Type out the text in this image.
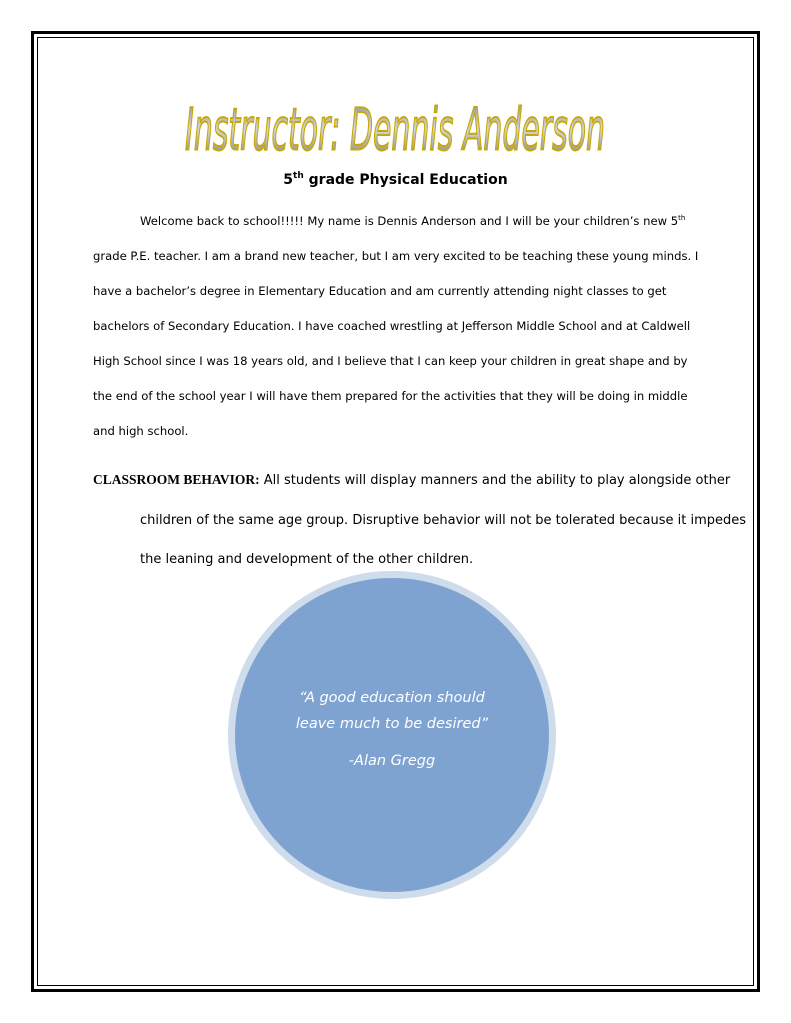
Instructor: Dennis Anderson
5th grade Physical Education

Welcome back to school!!!!! My name is Dennis Anderson and I will be your children’s new 5th grade P.E. teacher. I am a brand new teacher, but I am very excited to be teaching these young minds. I have a bachelor’s degree in Elementary Education and am currently attending night classes to get bachelors of Secondary Education. I have coached wrestling at Jefferson Middle School and at Caldwell High School since I was 18 years old, and I believe that I can keep your children in great shape and by the end of the school year I will have them prepared for the activities that they will be doing in middle and high school.

CLASSROOM BEHAVIOR: All students will display manners and the ability to play alongside other children of the same age group. Disruptive behavior will not be tolerated because it impedes the leaning and development of the other children.

“A good education should
leave much to be desired”
-Alan Gregg
